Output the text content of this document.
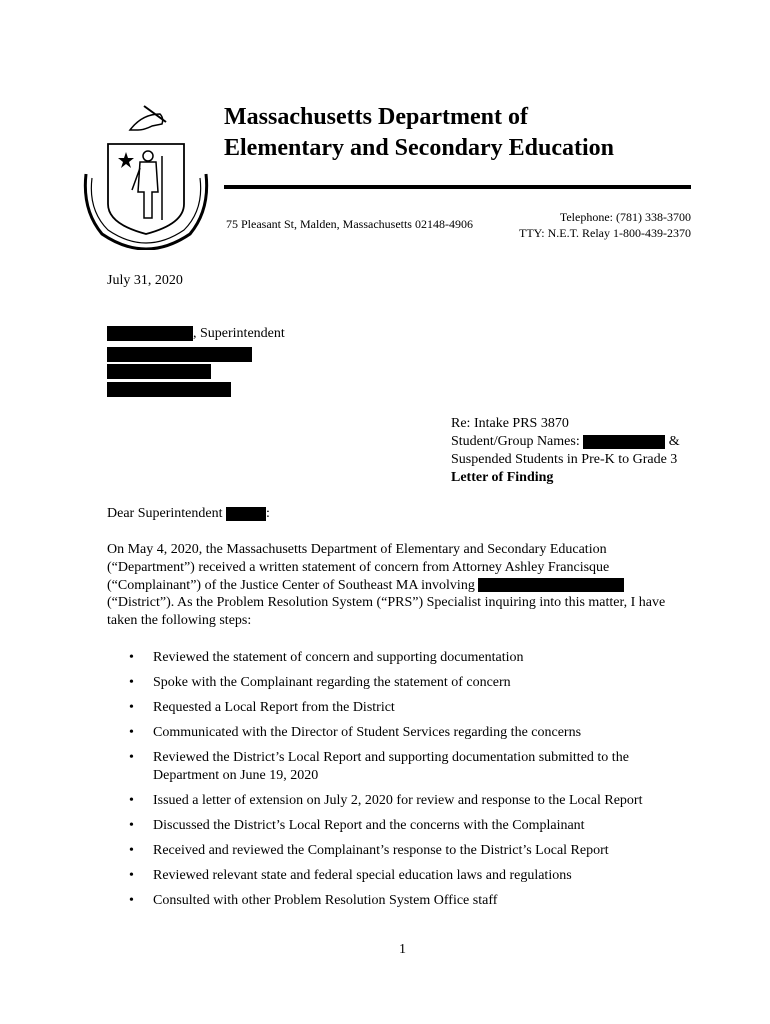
Massachusetts Department of
Elementary and Secondary Education
75 Pleasant St, Malden, Massachusetts 02148-4906	Telephone: (781) 338-3700
TTY: N.E.T. Relay 1-800-439-2370
July 31, 2020
, Superintendent
Re: Intake PRS 3870
Student/Group Names:	&
Suspended Students in Pre-K to Grade 3
Letter of Finding
Dear Superintendent	:
On May 4, 2020, the Massachusetts Department of Elementary and Secondary Education (“Department”) received a written statement of concern from Attorney Ashley Francisque (“Complainant”) of the Justice Center of Southeast MA involving  (“District”). As the Problem Resolution System (“PRS”) Specialist inquiring into this matter, I have taken the following steps:
• Reviewed the statement of concern and supporting documentation
• Spoke with the Complainant regarding the statement of concern
• Requested a Local Report from the District
• Communicated with the Director of Student Services regarding the concerns
• Reviewed the District’s Local Report and supporting documentation submitted to the Department on June 19, 2020
• Issued a letter of extension on July 2, 2020 for review and response to the Local Report
• Discussed the District’s Local Report and the concerns with the Complainant
• Received and reviewed the Complainant’s response to the District’s Local Report
• Reviewed relevant state and federal special education laws and regulations
• Consulted with other Problem Resolution System Office staff
1
